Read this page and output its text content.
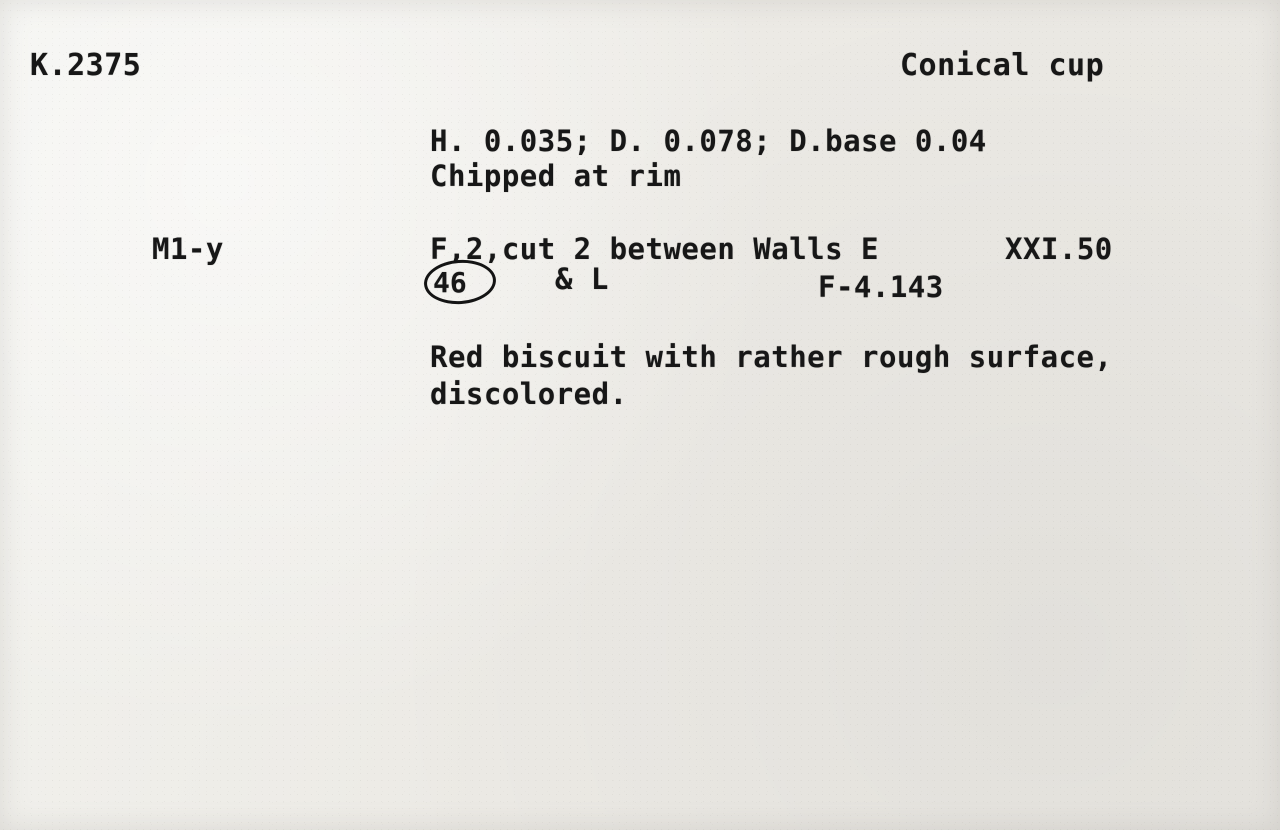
K.2375	Conical cup
H. 0.035; D. 0.078; D.base 0.04
Chipped at rim
M1-y	F,2,cut 2 between Walls E
& L	F-4.143
XXI.50
46
Red biscuit with rather rough surface,
discolored.
